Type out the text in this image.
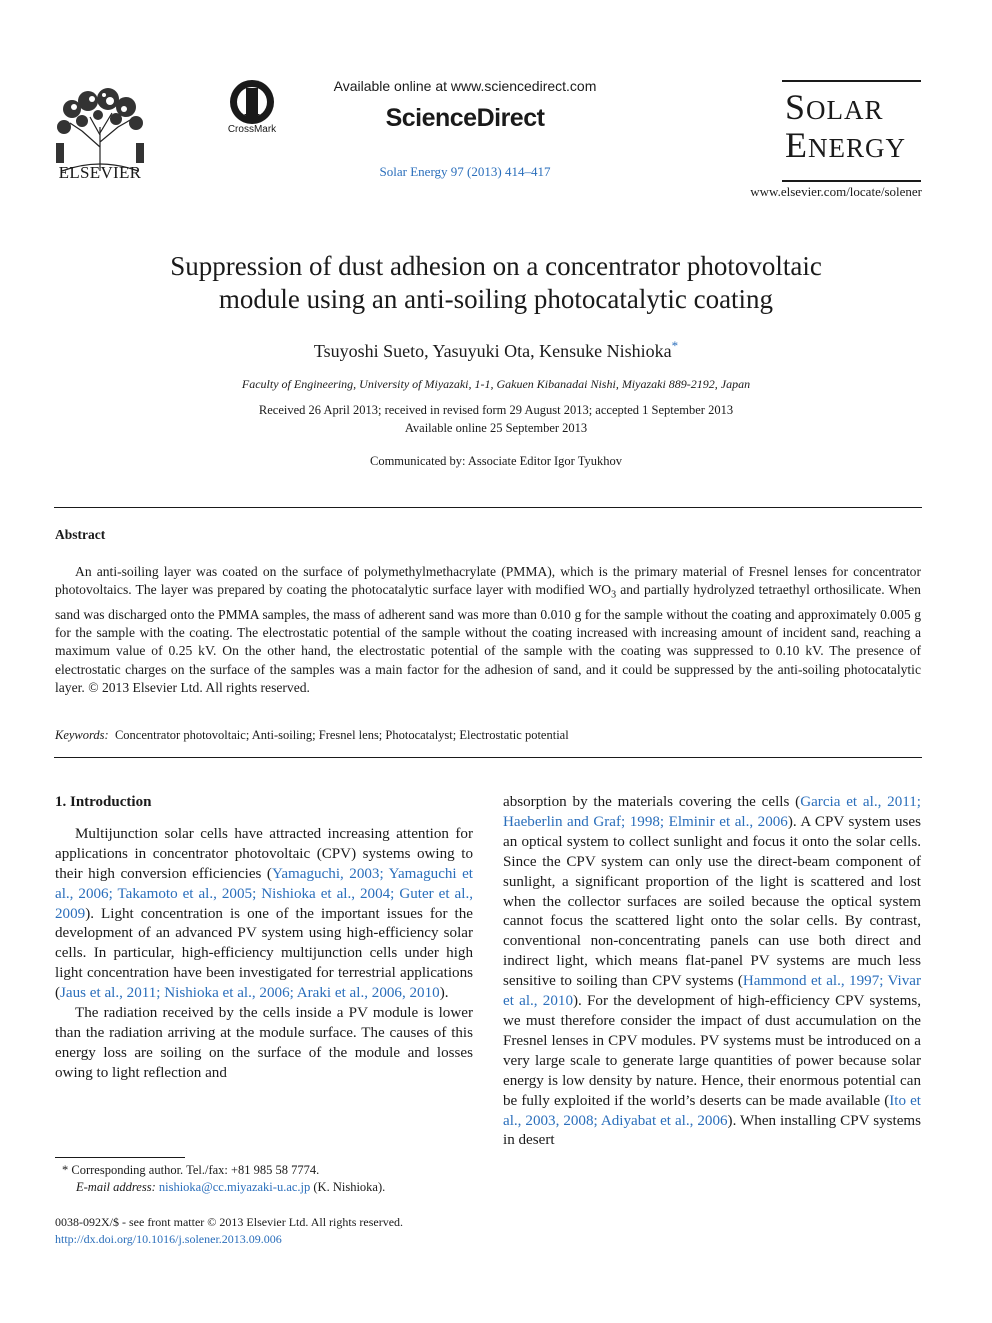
ELSEVIER
CrossMark
Available online at www.sciencedirect.com
ScienceDirect
Solar Energy 97 (2013) 414–417
SOLAR
ENERGY
www.elsevier.com/locate/solener
Suppression of dust adhesion on a concentrator photovoltaic
module using an anti-soiling photocatalytic coating
Tsuyoshi Sueto, Yasuyuki Ota, Kensuke Nishioka*
Faculty of Engineering, University of Miyazaki, 1-1, Gakuen Kibanadai Nishi, Miyazaki 889-2192, Japan
Received 26 April 2013; received in revised form 29 August 2013; accepted 1 September 2013
Available online 25 September 2013
Communicated by: Associate Editor Igor Tyukhov
Abstract
An anti-soiling layer was coated on the surface of polymethylmethacrylate (PMMA), which is the primary material of Fresnel lenses for concentrator photovoltaics. The layer was prepared by coating the photocatalytic surface layer with modified $WO_3$ and partially hydrolyzed tetraethyl orthosilicate. When sand was discharged onto the PMMA samples, the mass of adherent sand was more than 0.010 g for the sample without the coating and approximately 0.005 g for the sample with the coating. The electrostatic potential of the sample without the coating increased with increasing amount of incident sand, reaching a maximum value of 0.25 kV. On the other hand, the electrostatic potential of the sample with the coating was suppressed to 0.10 kV. The presence of electrostatic charges on the surface of the samples was a main factor for the adhesion of sand, and it could be suppressed by the anti-soiling photocatalytic layer. © 2013 Elsevier Ltd. All rights reserved.
Keywords: Concentrator photovoltaic; Anti-soiling; Fresnel lens; Photocatalyst; Electrostatic potential
1. Introduction

Multijunction solar cells have attracted increasing attention for applications in concentrator photovoltaic (CPV) systems owing to their high conversion efficiencies (Yamaguchi, 2003; Yamaguchi et al., 2006; Takamoto et al., 2005; Nishioka et al., 2004; Guter et al., 2009). Light concentration is one of the important issues for the development of an advanced PV system using high-efficiency solar cells. In particular, high-efficiency multijunction cells under high light concentration have been investigated for terrestrial applications (Jaus et al., 2011; Nishioka et al., 2006; Araki et al., 2006, 2010).

The radiation received by the cells inside a PV module is lower than the radiation arriving at the module surface. The causes of this energy loss are soiling on the surface of the module and losses owing to light reflection and

absorption by the materials covering the cells (Garcia et al., 2011; Haeberlin and Graf; 1998; Elminir et al., 2006). A CPV system uses an optical system to collect sunlight and focus it onto the solar cells. Since the CPV system can only use the direct-beam component of sunlight, a significant proportion of the light is scattered and lost when the collector surfaces are soiled because the optical system cannot focus the scattered light onto the solar cells. By contrast, conventional non-concentrating panels can use both direct and indirect light, which means flat-panel PV systems are much less sensitive to soiling than CPV systems (Hammond et al., 1997; Vivar et al., 2010). For the development of high-efficiency CPV systems, we must therefore consider the impact of dust accumulation on the Fresnel lenses in CPV modules. PV systems must be introduced on a very large scale to generate large quantities of power because solar energy is low density by nature. Hence, their enormous potential can be fully exploited if the world’s deserts can be made available (Ito et al., 2003, 2008; Adiyabat et al., 2006). When installing CPV systems in desert

* Corresponding author. Tel./fax: +81 985 58 7774.
E-mail address: nishioka@cc.miyazaki-u.ac.jp (K. Nishioka).
0038-092X/$ - see front matter © 2013 Elsevier Ltd. All rights reserved.
http://dx.doi.org/10.1016/j.solener.2013.09.006
